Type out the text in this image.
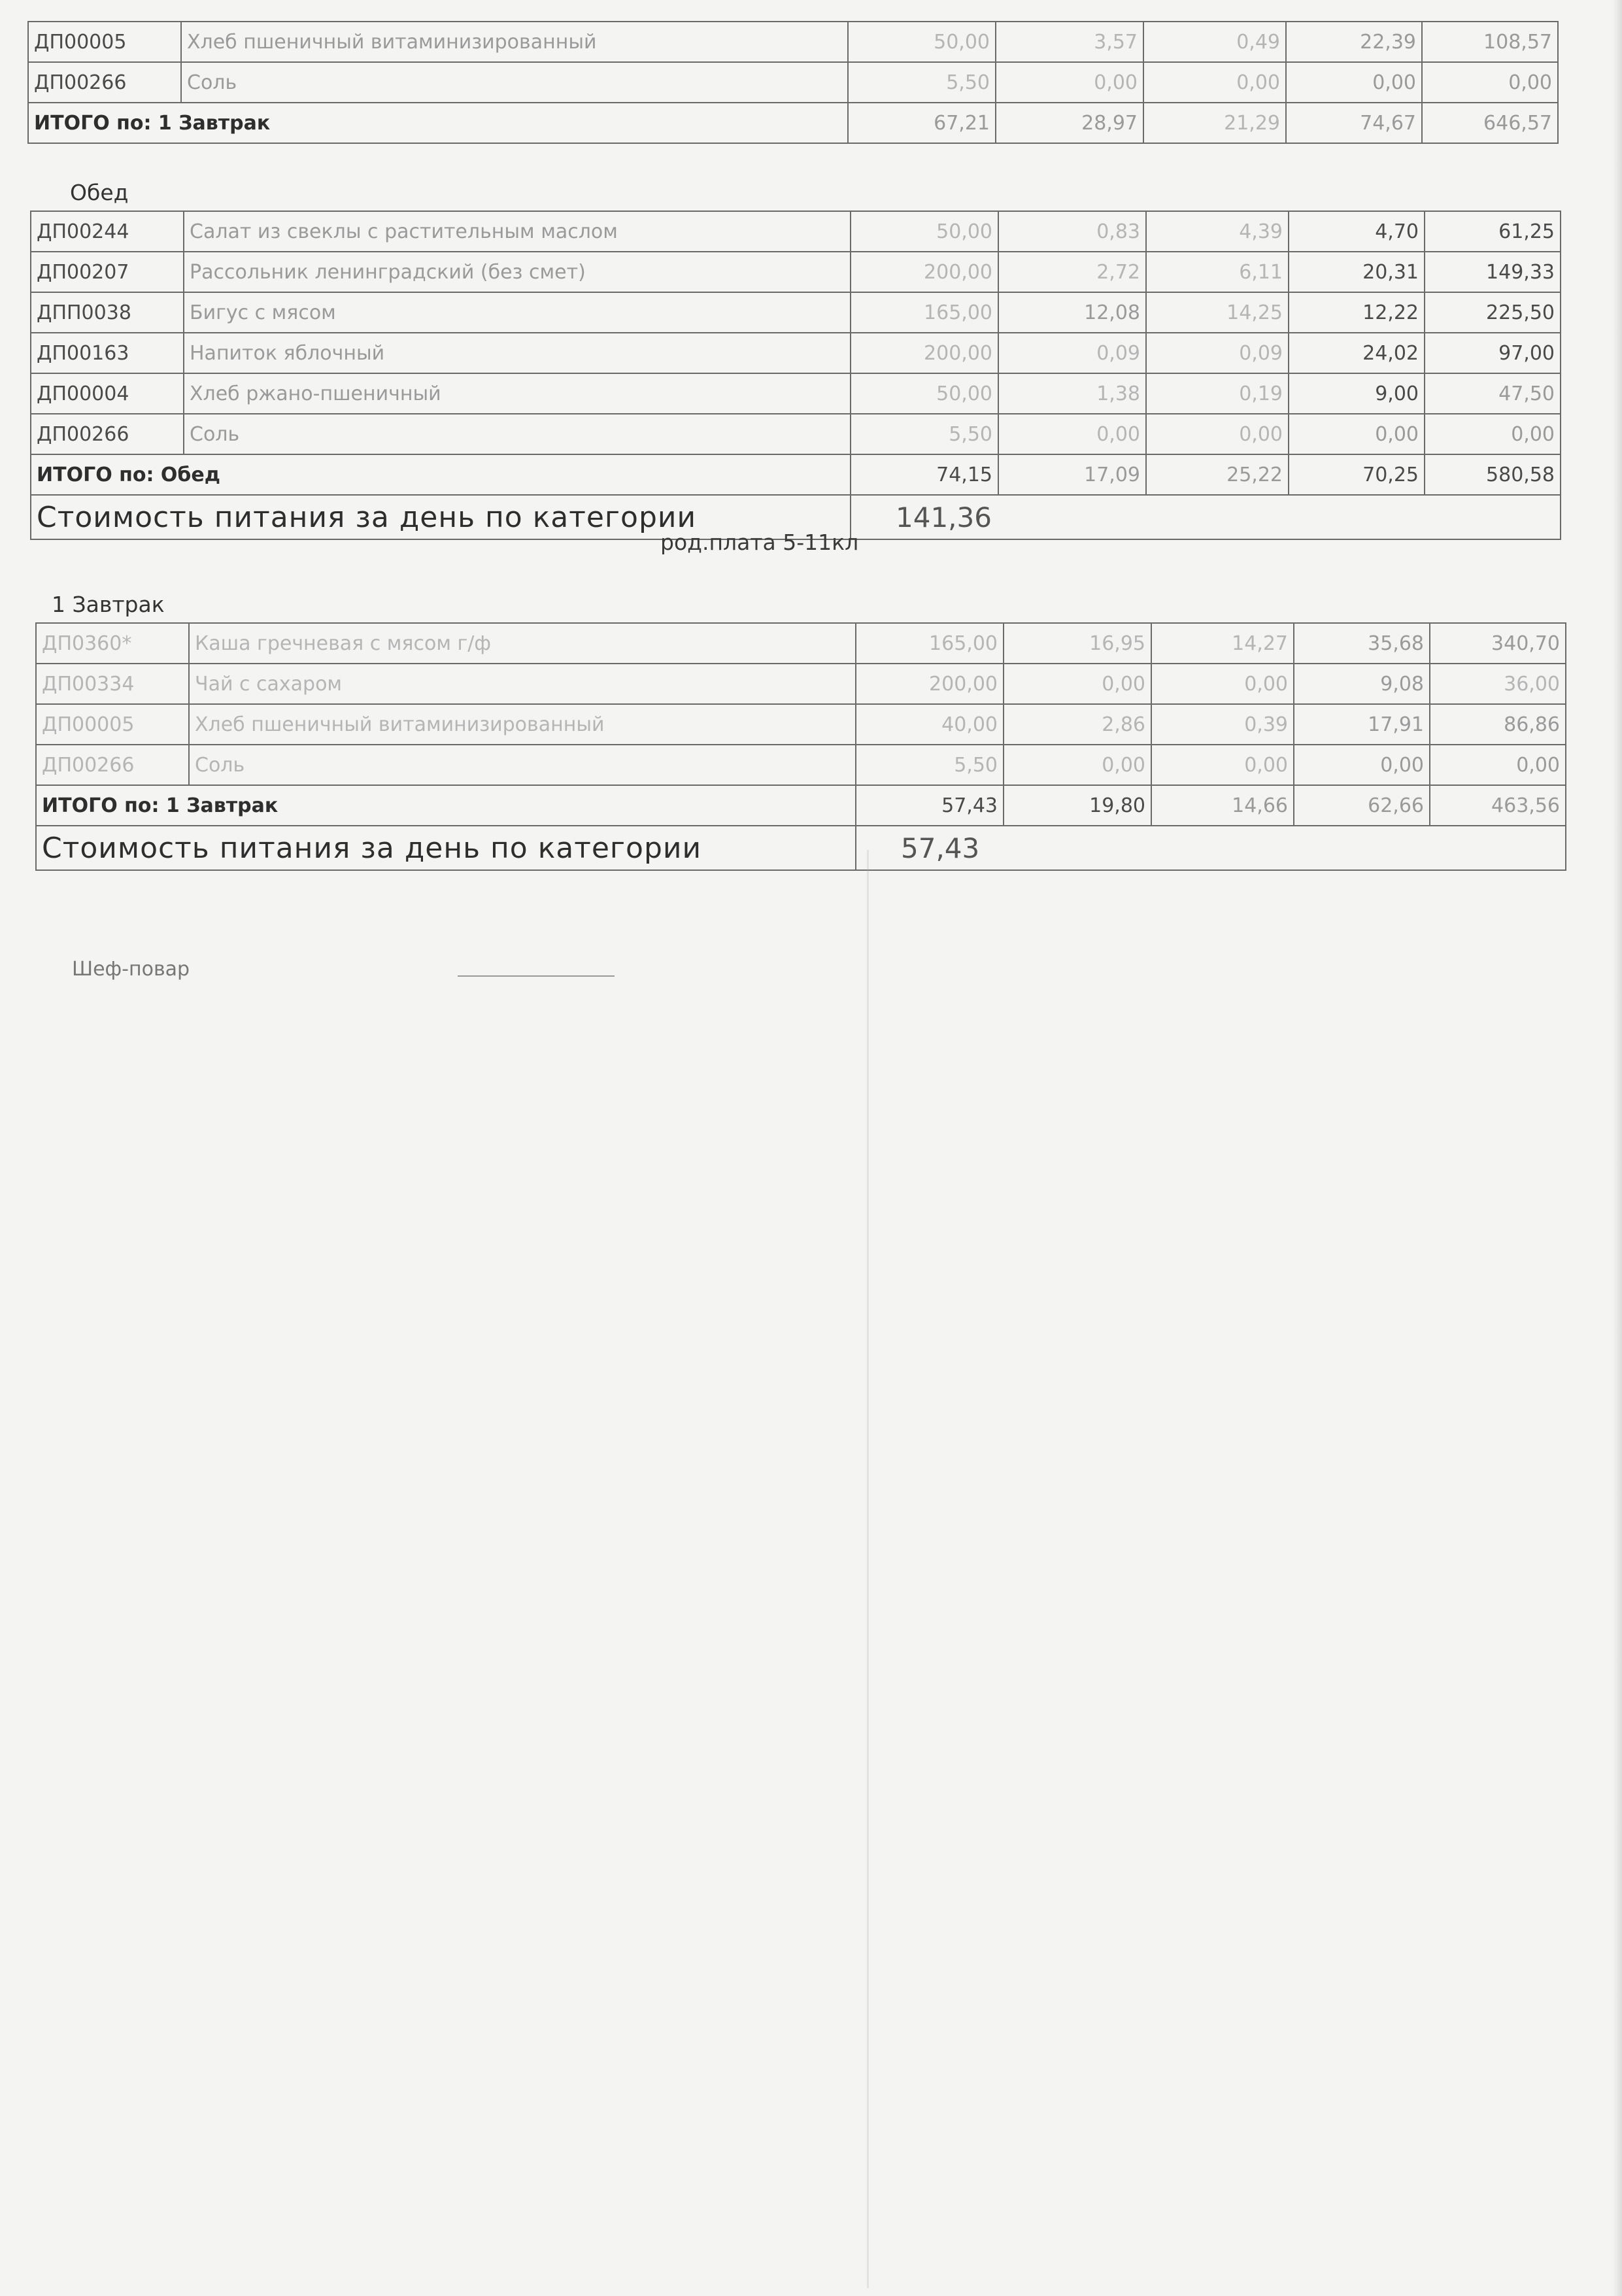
ДП00005	Хлеб пшеничный витаминизированный	50,00	3,57	0,49	22,39	108,57
ДП00266	Соль	5,50	0,00	0,00	0,00	0,00
ИТОГО по: 1 Завтрак		67,21	28,97	21,29	74,67	646,57
Обед						
ДП00244	Салат из свеклы с растительным маслом	50,00	0,83	4,39	4,70	61,25
ДП00207	Рассольник ленинградский (без смет)	200,00	2,72	6,11	20,31	149,33
ДПП0038	Бигус с мясом	165,00	12,08	14,25	12,22	225,50
ДП00163	Напиток яблочный	200,00	0,09	0,09	24,02	97,00
ДП00004	Хлеб ржано-пшеничный	50,00	1,38	0,19	9,00	47,50
ДП00266	Соль	5,50	0,00	0,00	0,00	0,00
ИТОГО по: Обед		74,15	17,09	25,22	70,25	580,58
Стоимость питания за день по категории		141,36				
род.плата 5-11кл
1 Завтрак						
ДП0360*	Каша гречневая с мясом г/ф	165,00	16,95	14,27	35,68	340,70
ДП00334	Чай с сахаром	200,00	0,00	0,00	9,08	36,00
ДП00005	Хлеб пшеничный витаминизированный	40,00	2,86	0,39	17,91	86,86
ДП00266	Соль	5,50	0,00	0,00	0,00	0,00
ИТОГО по: 1 Завтрак		57,43	19,80	14,66	62,66	463,56
Стоимость питания за день по категории		57,43				
Шеф-повар
